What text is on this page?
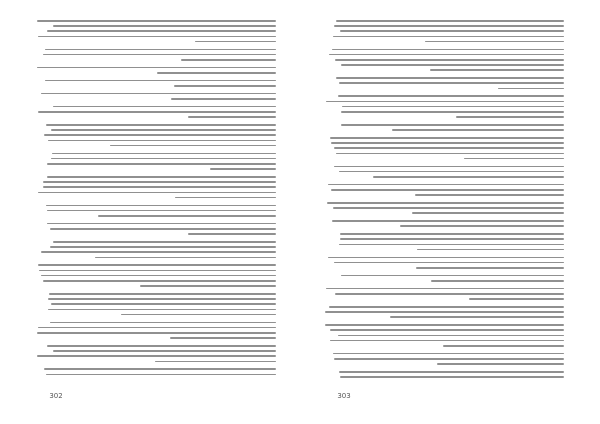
302	303
